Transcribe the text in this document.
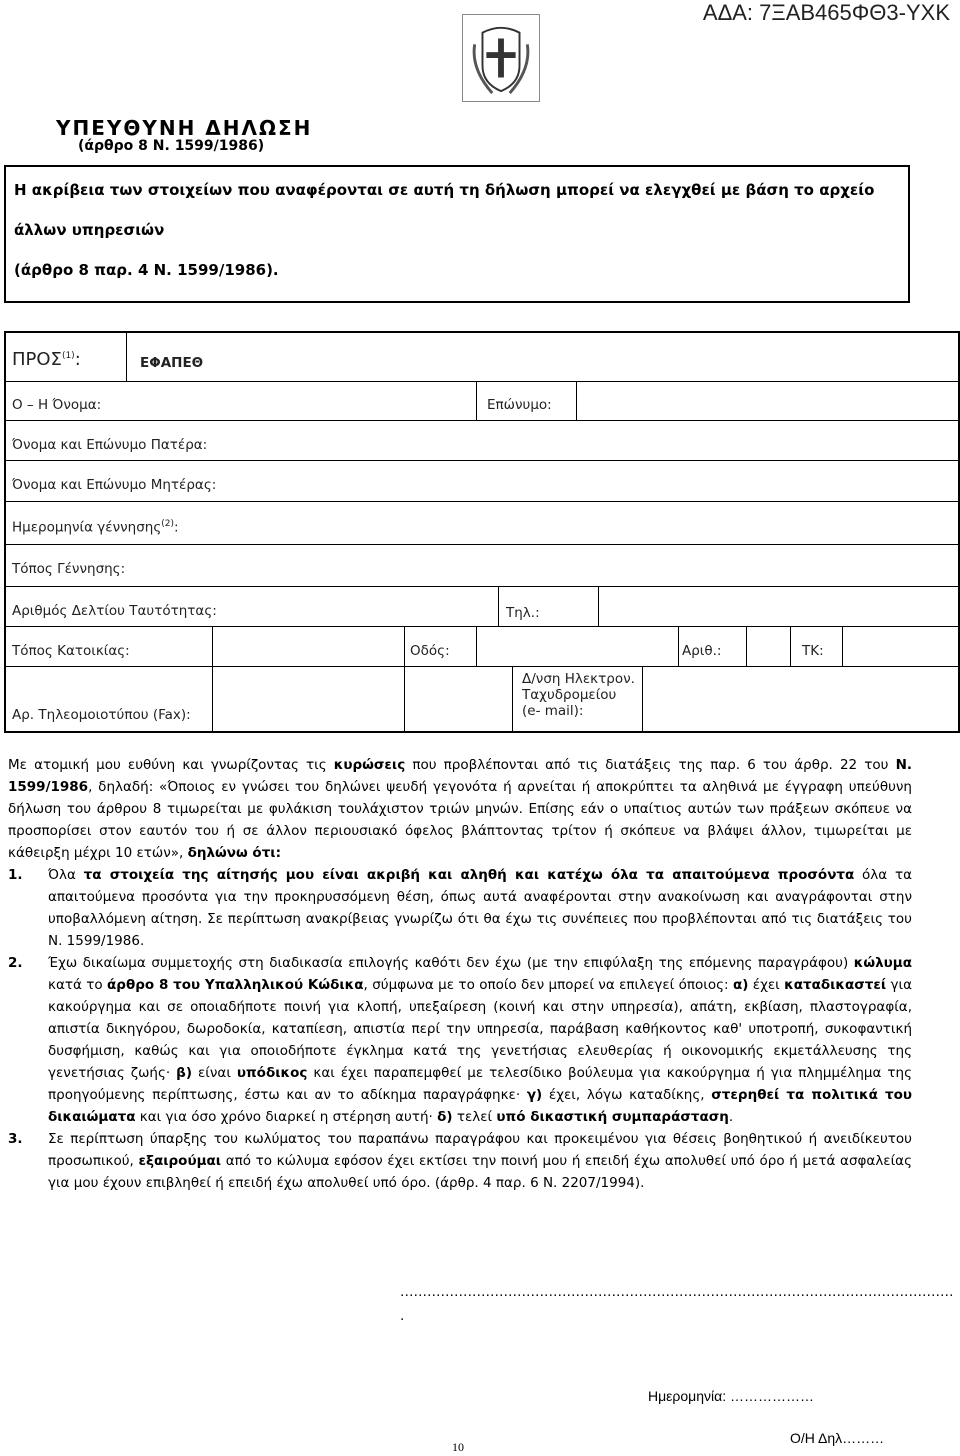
ΑΔΑ: 7ΞΑΒ465ΦΘ3-ΥΧΚ
ΥΠΕΥΘΥΝΗ ΔΗΛΩΣΗ
(άρθρο 8 Ν. 1599/1986)
Η ακρίβεια των στοιχείων που αναφέρονται σε αυτή τη δήλωση μπορεί να ελεγχθεί με βάση το αρχείο
άλλων υπηρεσιών
(άρθρο 8 παρ. 4 Ν. 1599/1986).
ΠΡΟΣ$^{(1)}$:	ΕΦΑΠΕΘ
Ο – Η Όνομα:	Επώνυμο:
Όνομα και Επώνυμο Πατέρα:
Όνομα και Επώνυμο Μητέρας:
Ημερομηνία γέννησης$^{(2)}$:
Τόπος Γέννησης:
Αριθμός Δελτίου Ταυτότητας:	Τηλ.:
Τόπος Κατοικίας:	Οδός:	Αριθ.:	ΤΚ:
Αρ. Τηλεομοιοτύπου (Fax):
Δ/νση Ηλεκτρον.
Ταχυδρομείου
(e- mail):

Με ατομική μου ευθύνη και γνωρίζοντας τις κυρώσεις που προβλέπονται από τις διατάξεις της παρ. 6 του άρθρ. 22 του Ν. 1599/1986, δηλαδή: «Όποιος εν γνώσει του δηλώνει ψευδή γεγονότα ή αρνείται ή αποκρύπτει τα αληθινά με έγγραφη υπεύθυνη δήλωση του άρθρου 8 τιμωρείται με φυλάκιση τουλάχιστον τριών μηνών. Επίσης εάν ο υπαίτιος αυτών των πράξεων σκόπευε να προσπορίσει στον εαυτόν του ή σε άλλον περιουσιακό όφελος βλάπτοντας τρίτον ή σκόπευε να βλάψει άλλον, τιμωρείται με κάθειρξη μέχρι 10 ετών», δηλώνω ότι:

1. Όλα τα στοιχεία της αίτησής μου είναι ακριβή και αληθή και κατέχω όλα τα απαιτούμενα προσόντα όλα τα απαιτούμενα προσόντα για την προκηρυσσόμενη θέση, όπως αυτά αναφέρονται στην ανακοίνωση και αναγράφονται στην υποβαλλόμενη αίτηση. Σε περίπτωση ανακρίβειας γνωρίζω ότι θα έχω τις συνέπειες που προβλέπονται από τις διατάξεις του Ν. 1599/1986.
2. Έχω δικαίωμα συμμετοχής στη διαδικασία επιλογής καθότι δεν έχω (με την επιφύλαξη της επόμενης παραγράφου) κώλυμα κατά το άρθρο 8 του Υπαλληλικού Κώδικα, σύμφωνα με το οποίο δεν μπορεί να επιλεγεί όποιος: α) έχει καταδικαστεί για κακούργημα και σε οποιαδήποτε ποινή για κλοπή, υπεξαίρεση (κοινή και στην υπηρεσία), απάτη, εκβίαση, πλαστογραφία, απιστία δικηγόρου, δωροδοκία, καταπίεση, απιστία περί την υπηρεσία, παράβαση καθήκοντος καθ' υποτροπή, συκοφαντική δυσφήμιση, καθώς και για οποιοδήποτε έγκλημα κατά της γενετήσιας ελευθερίας ή οικονομικής εκμετάλλευσης της γενετήσιας ζωής· β) είναι υπόδικος και έχει παραπεμφθεί με τελεσίδικο βούλευμα για κακούργημα ή για πλημμέλημα της προηγούμενης περίπτωσης, έστω και αν το αδίκημα παραγράφηκε· γ) έχει, λόγω καταδίκης, στερηθεί τα πολιτικά του δικαιώματα και για όσο χρόνο διαρκεί η στέρηση αυτή· δ) τελεί υπό δικαστική συμπαράσταση.
3. Σε περίπτωση ύπαρξης του κωλύματος του παραπάνω παραγράφου και προκειμένου για θέσεις βοηθητικού ή ανειδίκευτου προσωπικού, εξαιρούμαι από το κώλυμα εφόσον έχει εκτίσει την ποινή μου ή επειδή έχω απολυθεί υπό όρο ή μετά ασφαλείας για μου έχουν επιβληθεί ή επειδή έχω απολυθεί υπό όρο. (άρθρ. 4 παρ. 6 Ν. 2207/1994).
……………………………………………………………………………………………………………
.
Ημερομηνία: ………………
Ο/Η Δηλ………
10
